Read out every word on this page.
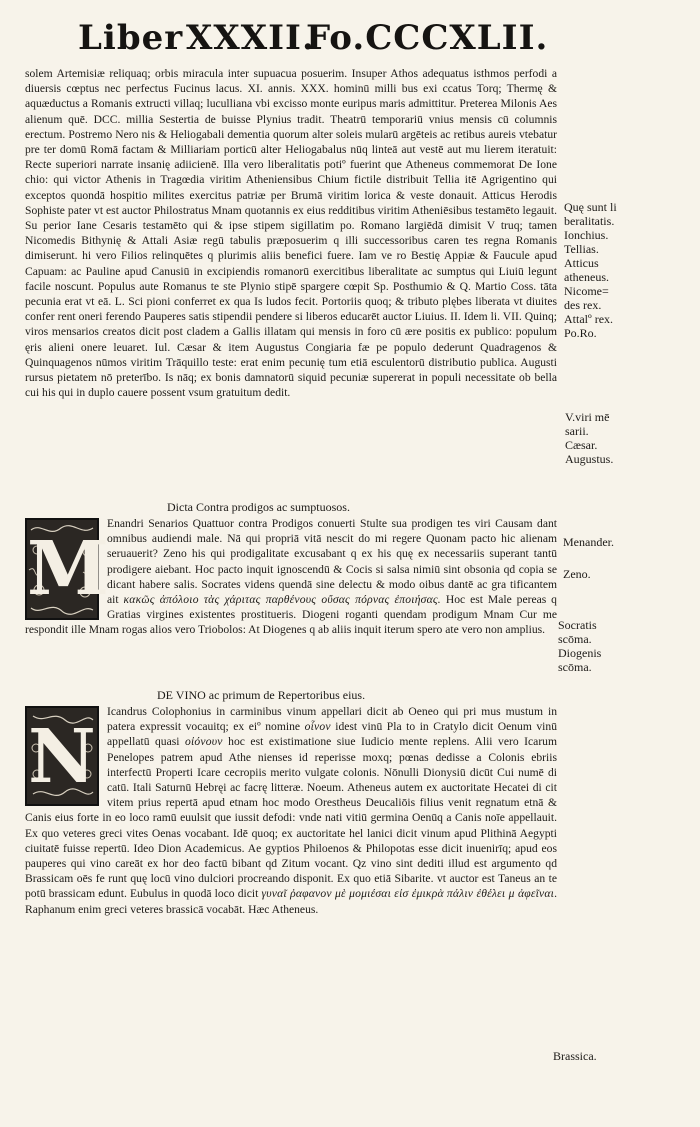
Liber XXXII.
Fo.CCCXLII.

solem Artemisiæ reliquaq; orbis miracula inter supuacua posuerim. Insuper Athos adequatus isthmos perfodi a diuersis cœptus nec perfectus Fucinus lacus. XI. annis. XXX. hominū milli bus exi ccatus Torq; Thermę & aquæductus a Romanis extructi villaq; luculliana vbi excisso monte euripus maris admittitur. Preterea Milonis Aes alienum quē. DCC. millia Sestertia de buisse Plynius tradit. Theatrū temporariū vnius mensis cū columnis erectum. Postremo Nero nis & Heliogabali dementia quorum alter soleis mularū argēteis ac retibus aureis vtebatur pre ter domū Romā factam & Milliariam porticū alter Heliogabalus nūq linteā aut vestē aut mu lierem iteratuit: Recte superiori narrate insanię adiicienē. Illa vero liberalitatis potiº fuerint que Atheneus commemorat De Ione chio: qui victor Athenis in Tragœdia viritim Atheniensibus Chium fictile distribuit Tellia itē Agrigentino qui exceptos quondā hospitio milites exercitus patriæ per Brumā viritim lorica & veste donauit. Atticus Herodis Sophiste pater vt est auctor Philostratus Mnam quotannis ex eius redditibus viritim Atheniēsibus testamēto legauit. Su perior Iane Cesaris testamēto qui & ipse stipem sigillatim po. Romano largiēdā dimisit V truq; tamen Nicomedis Bithynię & Attali Asiæ regū tabulis præposuerim q illi successoribus caren tes regna Romanis dimiserunt. hi vero Filios relinquētes q plurimis aliis benefici fuere. Iam ve ro Bestię Appiæ & Faucule apud Capuam: ac Pauline apud Canusiū in excipiendis romanorū exercitibus liberalitate ac sumptus qui Liuiū legunt facile noscunt. Populus aute Romanus te ste Plynio stipē spargere cœpit Sp. Posthumio & Q. Martio Coss. tāta pecunia erat vt eā. L. Sci pioni conferret ex qua Is ludos fecit. Portoriis quoq; & tributo plębes liberata vt diuites confer rent oneri ferendo Pauperes satis stipendii pendere si liberos educarēt auctor Liuius. II. Idem li. VII. Quinq; viros mensarios creatos dicit post cladem a Gallis illatam qui mensis in foro cū ære positis ex publico: populum ęris alieni onere leuaret. Iul. Cæsar & item Augustus Congiaria fæ pe populo dederunt Quadragenos & Quinquagenos nūmos viritim Trāquillo teste: erat enim pecunię tum etiā esculentorū distributio publica. Augusti rursus pietatem nō preterībo. Is nāq; ex bonis damnatorū siquid pecuniæ supererat in populi necessitate ob bella cui his qui in duplo cauere possent vsum gratuitum dedit.

Dicta Contra prodigos ac sumptuosos.
M

Enandri Senarios Quattuor contra Prodigos conuerti Stulte sua prodigen tes viri Causam dant omnibus audiendi male. Nā qui propriā vitā nescit do mi regere Quonam pacto hic alienam seruauerit? Zeno his qui prodigalitate excusabant q ex his quę ex necessariis superant tantū prodigere aiebant. Hoc pacto inquit ignoscendū & Cocis si salsa nimiū sint obsonia qd copia se dicant habere salis. Socrates videns quendā sine delectu & modo oibus dantē ac gra tificantem ait κακῶς ἀπόλοιο τὰς χάριτας παρθένους οὔσας πόρνας ἐποιήσας. Hoc est Male pereas q Gratias virgines existentes prostitueris. Diogeni roganti quendam prodigum Mnam Cur me respondit ille Mnam rogas alios vero Triobolos: At Diogenes q ab aliis inquit iterum spero ate vero non amplius.

DE VINO ac primum de Repertoribus eius.
N

Icandrus Colophonius in carminibus vinum appellari dicit ab Oeneo qui pri mus mustum in patera expressit vocauitq; ex eiº nomine οἶνον idest vinū Pla to in Cratylo dicit Oenum vinū appellatū quasi οἰόνουν hoc est existimatione siue Iudicio mente replens. Alii vero Icarum Penelopes patrem apud Athe nienses id reperisse moxq; pœnas dedisse a Colonis ebriis interfectū Properti Icare cecropiis merito vulgate colonis. Nōnulli Dionysiū dicūt Cui numē di catū. Itali Saturnū Hebręi ac facrę litteræ. Noeum. Atheneus autem ex auctoritate Hecatei di cit vitem prius repertā apud etnam hoc modo Orestheus Deucaliōis filius venit regnatum etnā & Canis eius forte in eo loco ramū euulsit que iussit defodi: vnde nati vitiū germina Oenūq a Canis noīe appellauit. Ex quo veteres greci vites Oenas vocabant. Idē quoq; ex auctoritate hel lanici dicit vinum apud Plithinā Aegypti ciuitatē fuisse repertū. Ideo Dion Academicus. Ae gyptios Philoenos & Philopotas esse dicit inuenirīq; apud eos pauperes qui vino careāt ex hor deo factū bibant qd Zitum vocant. Qz vino sint dediti illud est argumento qd Brassicam oēs fe runt quę locū vino dulciori procreando disponit. Ex quo etiā Sibarite. vt auctor est Taneus an te potū brassicam edunt. Eubulus in quodā loco dicit γυναῖ ῥαφανον μὲ μομιέσαι εἰσ ἐμικρὰ πάλιν ἐθέλει μ ἀφεῖναι. Raphanum enim greci veteres brassicā vocabāt. Hæc Atheneus.

Quę sunt li
beralitatis.
Ionchius.
Tellias.
Atticus
atheneus.
Nicome=
des rex.
Attalº rex.
Po.Ro.
V.viri mē
sarii.
Cæsar.
Augustus.
Menander.
Zeno.
Socratis
scōma.
Diogenis
scōma.
Brassica.
